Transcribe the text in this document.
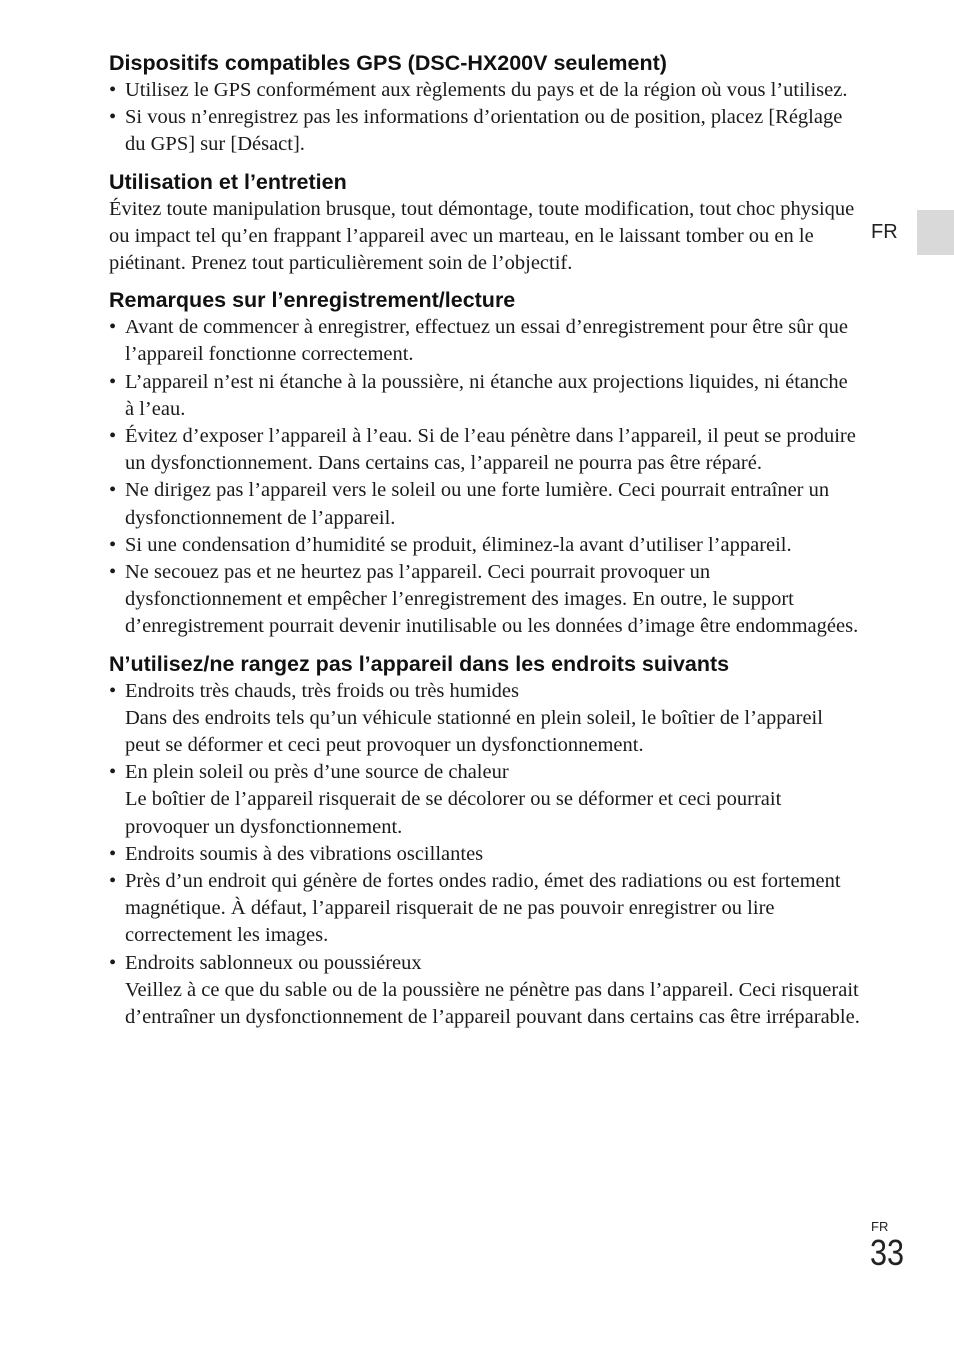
Dispositifs compatibles GPS (DSC-HX200V seulement)
• Utilisez le GPS conformément aux règlements du pays et de la région où vous l’utilisez.
• Si vous n’enregistrez pas les informations d’orientation ou de position, placez [Réglage du GPS] sur [Désact].
Utilisation et l’entretien

Évitez toute manipulation brusque, tout démontage, toute modification, tout choc physique ou impact tel qu’en frappant l’appareil avec un marteau, en le laissant tomber ou en le piétinant. Prenez tout particulièrement soin de l’objectif.

Remarques sur l’enregistrement/lecture
• Avant de commencer à enregistrer, effectuez un essai d’enregistrement pour être sûr que l’appareil fonctionne correctement.
• L’appareil n’est ni étanche à la poussière, ni étanche aux projections liquides, ni étanche à l’eau.
• Évitez d’exposer l’appareil à l’eau. Si de l’eau pénètre dans l’appareil, il peut se produire un dysfonctionnement. Dans certains cas, l’appareil ne pourra pas être réparé.
• Ne dirigez pas l’appareil vers le soleil ou une forte lumière. Ceci pourrait entraîner un dysfonctionnement de l’appareil.
• Si une condensation d’humidité se produit, éliminez-la avant d’utiliser l’appareil.
• Ne secouez pas et ne heurtez pas l’appareil. Ceci pourrait provoquer un dysfonctionnement et empêcher l’enregistrement des images. En outre, le support d’enregistrement pourrait devenir inutilisable ou les données d’image être endommagées.
N’utilisez/ne rangez pas l’appareil dans les endroits suivants
• Endroits très chauds, très froids ou très humides
Dans des endroits tels qu’un véhicule stationné en plein soleil, le boîtier de l’appareil peut se déformer et ceci peut provoquer un dysfonctionnement.
• En plein soleil ou près d’une source de chaleur
Le boîtier de l’appareil risquerait de se décolorer ou se déformer et ceci pourrait provoquer un dysfonctionnement.
• Endroits soumis à des vibrations oscillantes
• Près d’un endroit qui génère de fortes ondes radio, émet des radiations ou est fortement magnétique. À défaut, l’appareil risquerait de ne pas pouvoir enregistrer ou lire correctement les images.
• Endroits sablonneux ou poussiéreux
Veillez à ce que du sable ou de la poussière ne pénètre pas dans l’appareil. Ceci risquerait d’entraîner un dysfonctionnement de l’appareil pouvant dans certains cas être irréparable.
FR
FR
33
